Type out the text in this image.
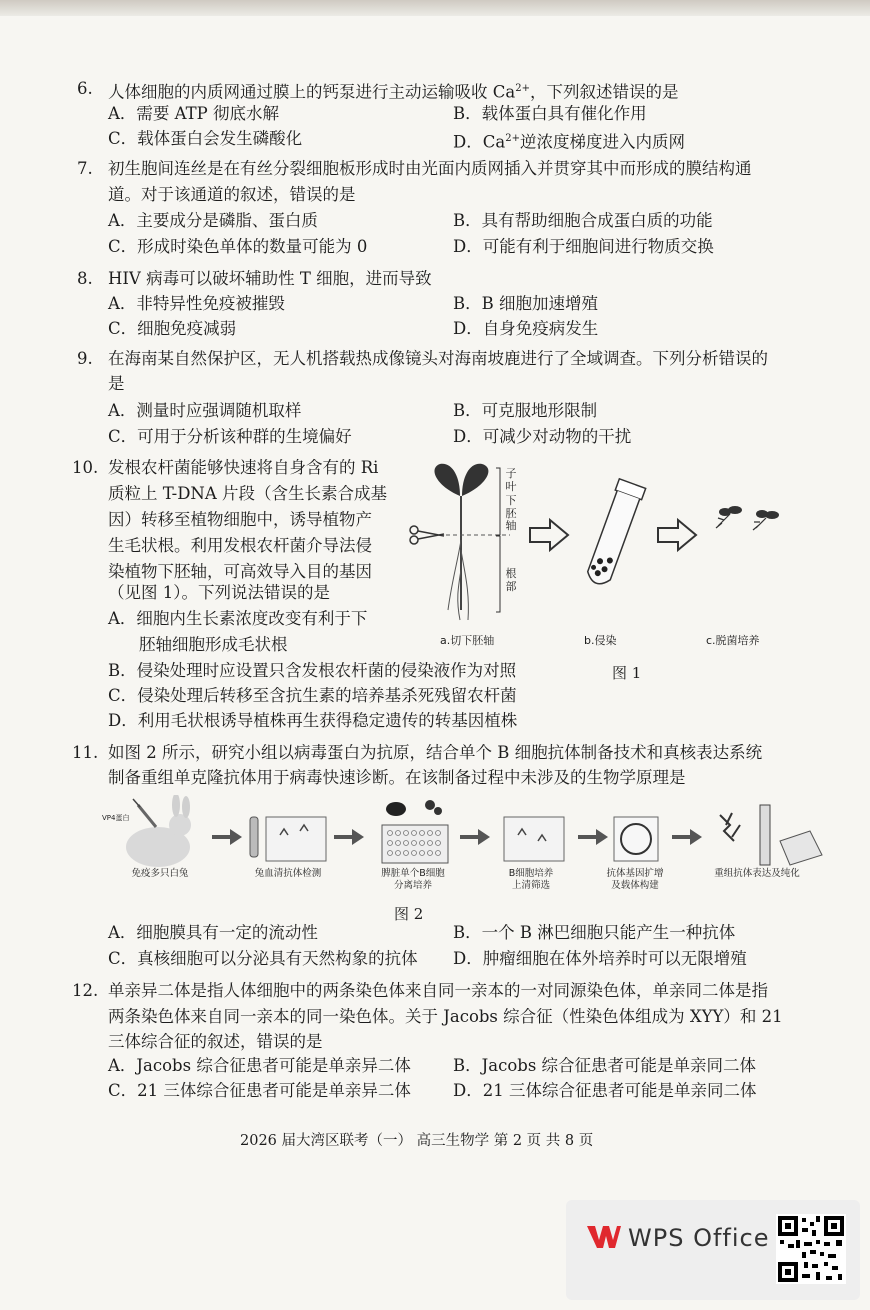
6. 人体细胞的内质网通过膜上的钙泵进行主动运输吸收 $Ca^{2+}$，下列叙述错误的是
A．需要 ATP 彻底水解	B．载体蛋白具有催化作用
C．载体蛋白会发生磷酸化	D．$Ca^{2+}$逆浓度梯度进入内质网
7. 初生胞间连丝是在有丝分裂细胞板形成时由光面内质网插入并贯穿其中而形成的膜结构通
道。对于该通道的叙述，错误的是
A．主要成分是磷脂、蛋白质	B．具有帮助细胞合成蛋白质的功能
C．形成时染色单体的数量可能为 0	D．可能有利于细胞间进行物质交换
8. HIV 病毒可以破坏辅助性 T 细胞，进而导致
A．非特异性免疫被摧毁	B．B 细胞加速增殖
C．细胞免疫减弱	D．自身免疫病发生
9. 在海南某自然保护区，无人机搭载热成像镜头对海南坡鹿进行了全域调查。下列分析错误的
是
A．测量时应强调随机取样	B．可克服地形限制
C．可用于分析该种群的生境偏好	D．可减少对动物的干扰
10. 发根农杆菌能够快速将自身含有的 Ri
质粒上 T-DNA 片段（含生长素合成基
因）转移至植物细胞中，诱导植物产
生毛状根。利用发根农杆菌介导法侵
染植物下胚轴，可高效导入目的基因
（见图 1）。下列说法错误的是
A．细胞内生长素浓度改变有利于下
胚轴细胞形成毛状根
B．侵染处理时应设置只含发根农杆菌的侵染液作为对照
C．侵染处理后转移至含抗生素的培养基杀死残留农杆菌
D．利用毛状根诱导植株再生获得稳定遗传的转基因植株
子叶
下胚轴
根部
a.切下胚轴	b.侵染	c.脱菌培养
图 1
11. 如图 2 所示，研究小组以病毒蛋白为抗原，结合单个 B 细胞抗体制备技术和真核表达系统
制备重组单克隆抗体用于病毒快速诊断。在该制备过程中未涉及的生物学原理是
VP4蛋白
免疫多只白兔	兔血清抗体检测	脾脏单个B细胞分离培养
B细胞培养上清筛选
抗体基因扩增及载体构建
重组抗体表达及纯化
图 2
A．细胞膜具有一定的流动性	B．一个 B 淋巴细胞只能产生一种抗体
C．真核细胞可以分泌具有天然构象的抗体 D．肿瘤细胞在体外培养时可以无限增殖
12. 单亲异二体是指人体细胞中的两条染色体来自同一亲本的一对同源染色体，单亲同二体是指
两条染色体来自同一亲本的同一染色体。关于 Jacobs 综合征（性染色体组成为 XYY）和 21
三体综合征的叙述，错误的是
A．Jacobs 综合征患者可能是单亲异二体	B．Jacobs 综合征患者可能是单亲同二体
C．21 三体综合征患者可能是单亲异二体	D．21 三体综合征患者可能是单亲同二体
2026 届大湾区联考（一） 高三生物学 第 2 页 共 8 页
WPS Office
